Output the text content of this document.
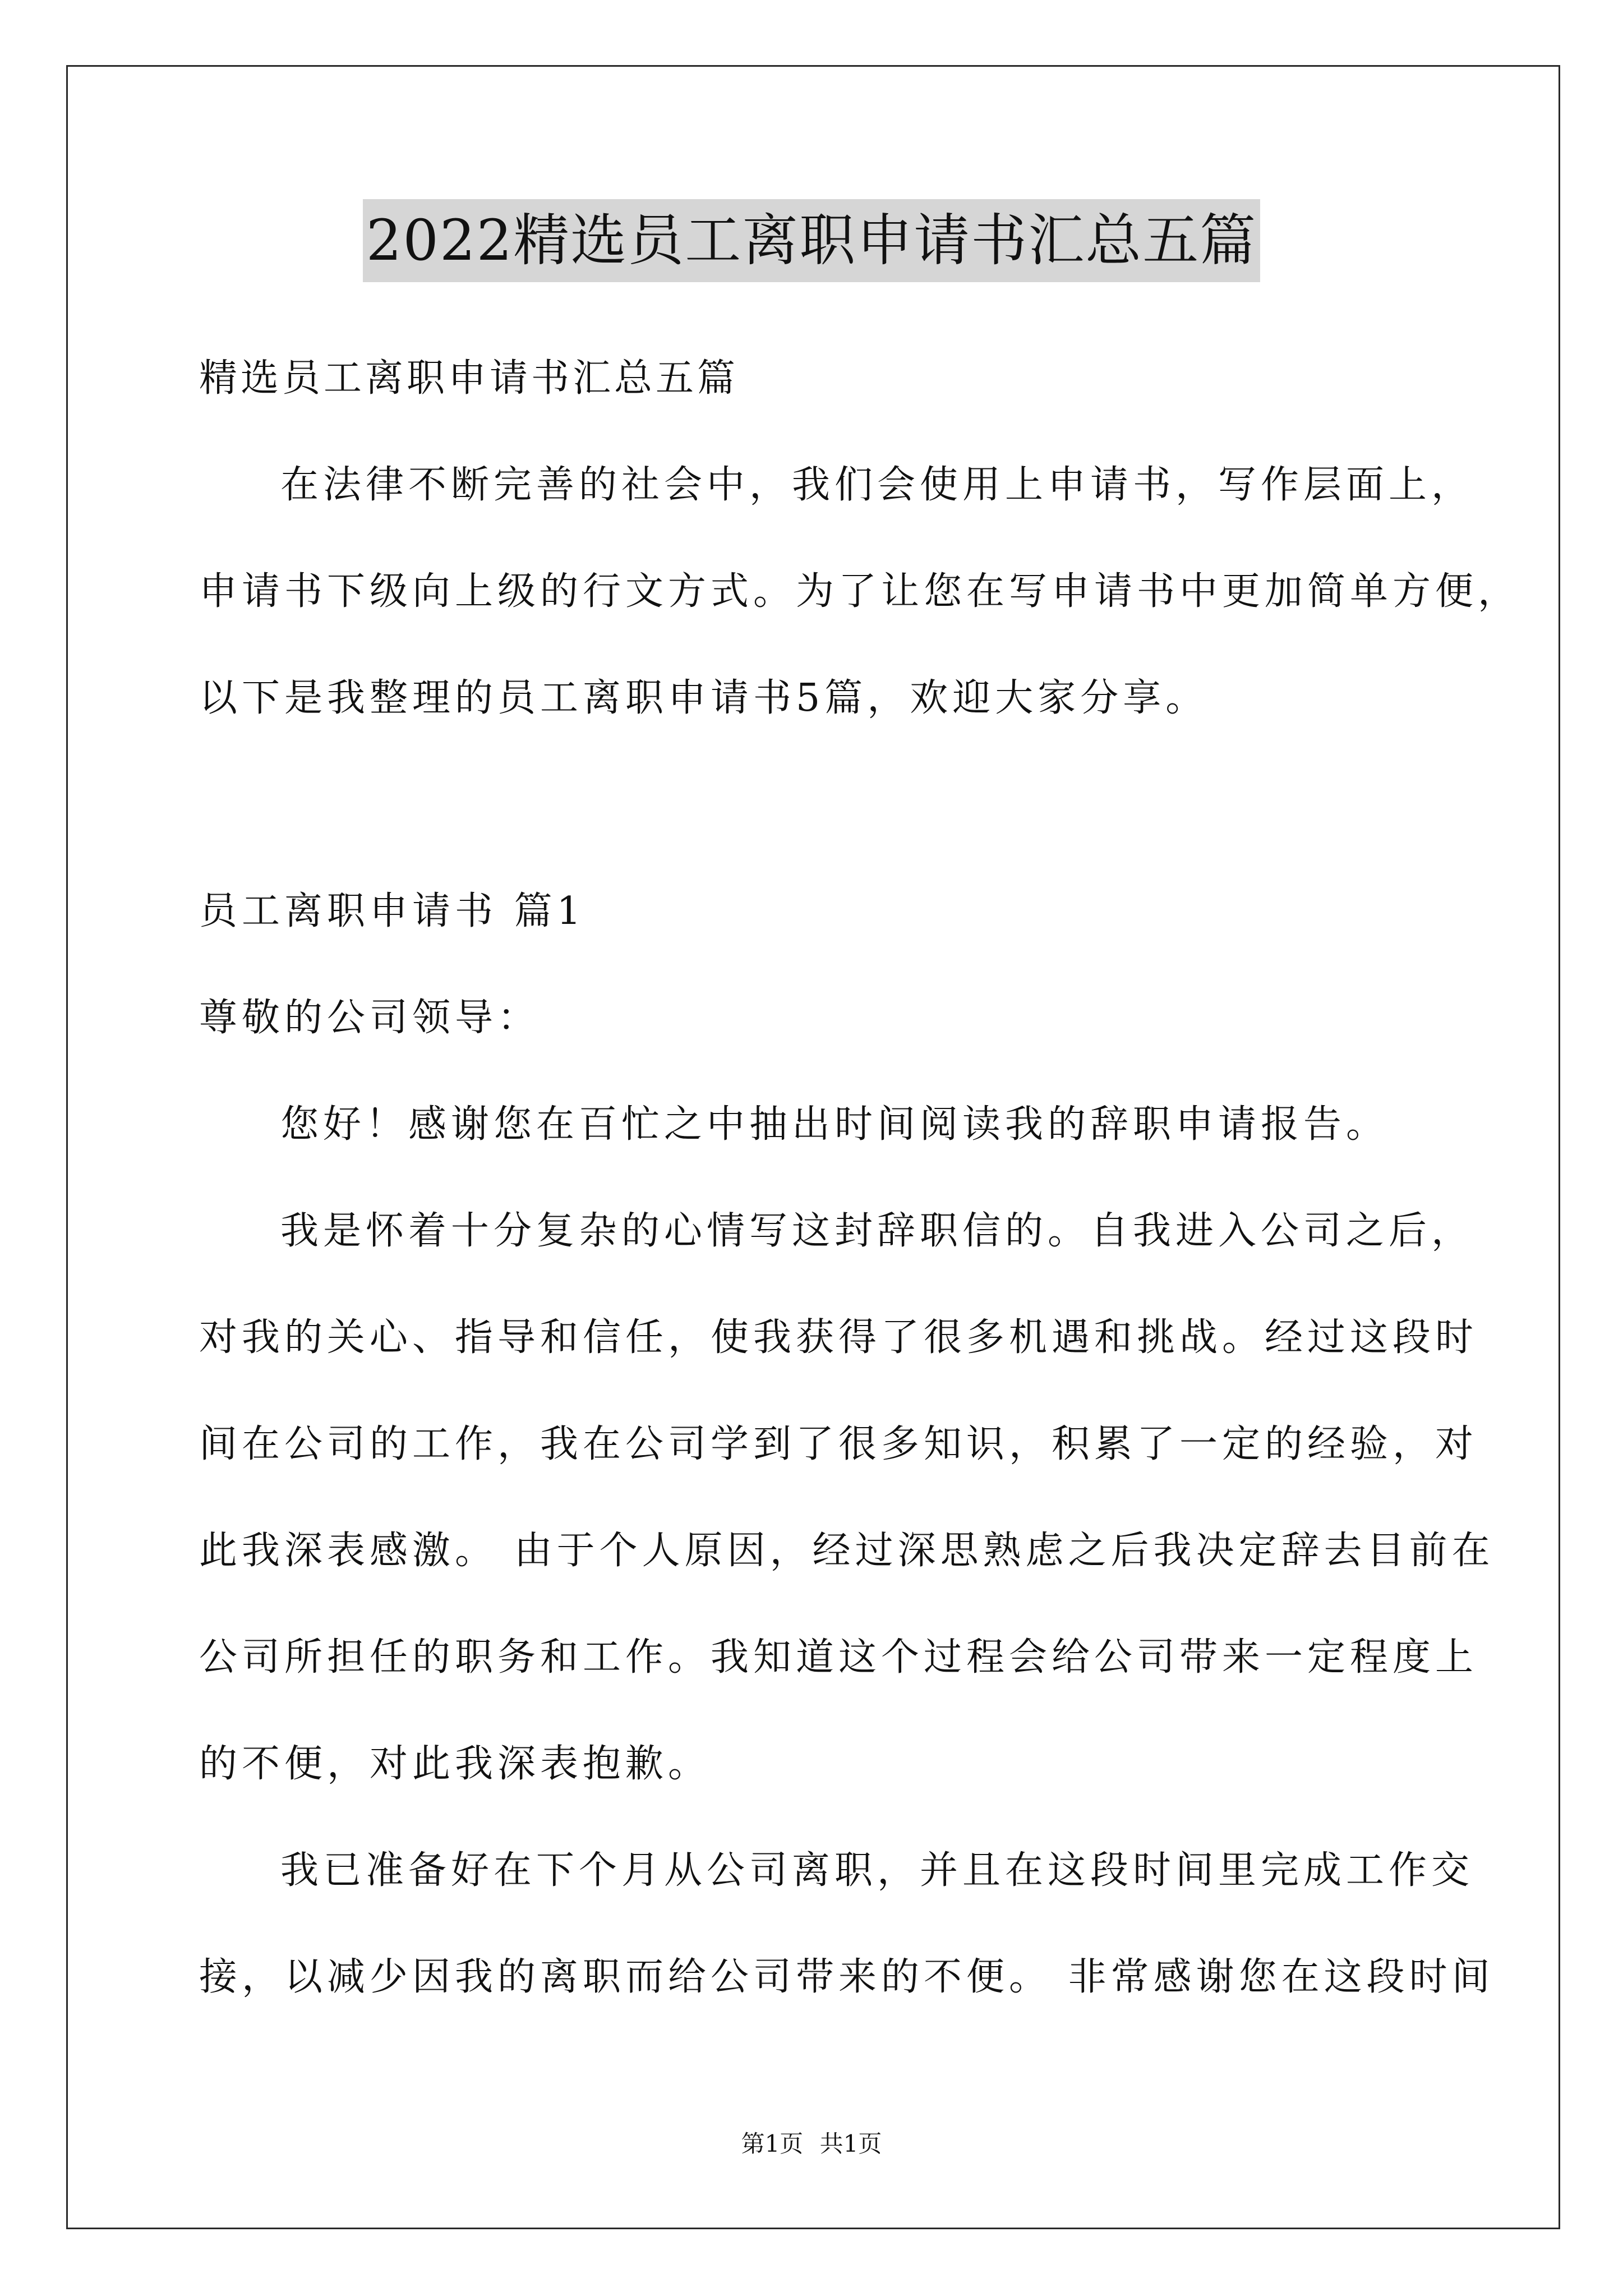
2022精选员工离职申请书汇总五篇
精选员工离职申请书汇总五篇
在法律不断完善的社会中，我们会使用上申请书，写作层面上，
申请书下级向上级的行文方式。为了让您在写申请书中更加简单方便，
以下是我整理的员工离职申请书5篇，欢迎大家分享。
员工离职申请书 篇1
尊敬的公司领导：
您好！感谢您在百忙之中抽出时间阅读我的辞职申请报告。
我是怀着十分复杂的心情写这封辞职信的。自我进入公司之后，
对我的关心、指导和信任，使我获得了很多机遇和挑战。经过这段时
间在公司的工作，我在公司学到了很多知识，积累了一定的经验，对
此我深表感激。 由于个人原因，经过深思熟虑之后我决定辞去目前在
公司所担任的职务和工作。我知道这个过程会给公司带来一定程度上
的不便，对此我深表抱歉。
我已准备好在下个月从公司离职，并且在这段时间里完成工作交
接，以减少因我的离职而给公司带来的不便。 非常感谢您在这段时间
第1页 共1页
